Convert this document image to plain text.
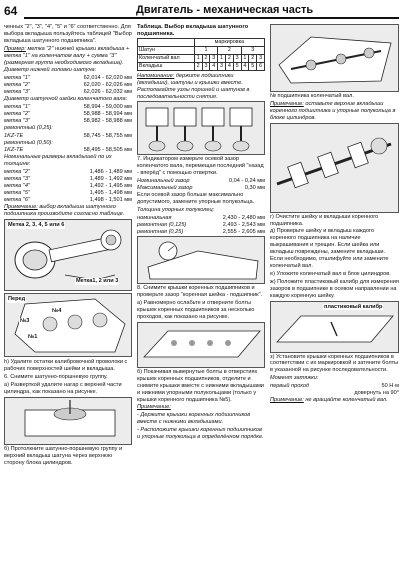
64	Двигатель - механическая часть

ченных "2", "3", "4", "5" и "6" соответственно. Для выбора вкладыша пользуйтесь таблицей "Выбор вкладыша шатунного подшипника".

Пример: метка "2" нижней крышки вкладыша + метка "1" на коленчатом валу + сумма "3" (размерная группа необходимого вкладыша).

Диаметр нижней головки шатуна:

метка "1"	62,014 - 62,020 мм
метка "2"	62,020 - 62,026 мм
метка "3"	62,026 - 62,032 мм

Диаметр шатунной шейки коленчатого вала:

метка "1"	58,994 - 59,000 мм
метка "2"	58,988 - 58,994 мм
метка "3"	58,982 - 58,988 мм

ремонтный (0,25):

1KZ-TE	58,745 - 58,755 мм

ремонтный (0,50):

1KZ-TE	58,495 - 58,505 мм

Номинальные размеры вкладышей по их толщине:

метка "2"	1,486 - 1,489 мм
метка "3"	1,489 - 1,492 мм
метка "4"	1,492 - 1,495 мм
метка "5"	1,495 - 1,498 мм
метка "6"	1,498 - 1,501 мм

Примечание: выбор вкладыша шатунного подшипника производите согласно таблице.

Метка 2, 3, 4, 5 или 6
Метка1, 2 или 3
Перед
№3
№4
№1

h) Удалите остатки калибровочной проволоки с рабочих поверхностей шейки и вкладыша.

6. Снимите шатунно-поршневую группу.

а) Разверткой удалите нагар с верхней части цилиндра, как показано на рисунке.

б) Протолкните шатунно-поршневую группу и верхний вкладыш шатуна через верхнюю сторону блока цилиндров.

Таблица. Выбор вкладыша шатунного подшипника.
	маркировка								
Шатун	1			2			3		
Коленчатый вал	1	2	3	1	2	3	1	2	3
Вкладыш	2	3	4	3	4	5	4	5	6

Напоминание: держите подшипники (вкладыши), шатуны и крышки вместе. Располагайте узлы поршней и шатунов в последовательности снятия.

7. Индикатором измерьте осевой зазор коленчатого вала, перемещая последний "назад - вперёд" с помощью отвертки.

Номинальный зазор	0,04 - 0,24 мм
Максимальный зазор	0,30 мм

Если осевой зазор больше максимально допустимого, замените упорные полукольца.

Толщина упорных полуколец:

номинальная	2,430 - 2,480 мм
ремонтная (0,125)	2,493 - 2,543 мм
ремонтная (0,25)	2,555 - 2,605 мм

8. Снимите крышки коренных подшипников и проверьте зазор "коренная шейка - подшипник".

а) Равномерно ослабьте и отверните болты крышек коренных подшипников за несколько проходов, как показано на рисунке.

б) Покачивая вывернутые болты в отверстиях крышек коренных подшипников, отделите и снимите крышки вместе с нижними вкладышами и нижними упорными полукольцами (только у крышки коренного подшипника №5).

Примечание:

- Держите крышки коренных подшипников вместе с нижними вкладышами.

- Расположите крышки коренных подшипников и упорные полукольца в определённом порядке.

№ подшипника коленчатый вал.

Примечание: оставьте верхние вкладыши коренного подшипника и упорные полукольца в блоке цилиндров.

г) Очистите шейку и вкладыши коренного подшипника.

д) Проверьте шейку и вкладыш каждого коренного подшипника на наличие выкрашивания и трещин. Если шейка или вкладыш повреждены, замените вкладыши. Если необходимо, отшлифуйте или замените коленчатый вал.

е) Уложите коленчатый вал в блок цилиндров.

ж) Положите пластиковый калибр для измерения зазоров в подшипнике в осевом направлении на каждую коренную шейку.

пластиковый калибр

з) Установите крышки коренных подшипников в соответствии с их маркировкой и затяните болты в указанной на рисунке последовательности.

Момент затяжки:

первый проход	50 Н·м
довернуть на 90°

Примечание: не вращайте коленчатый вал.
